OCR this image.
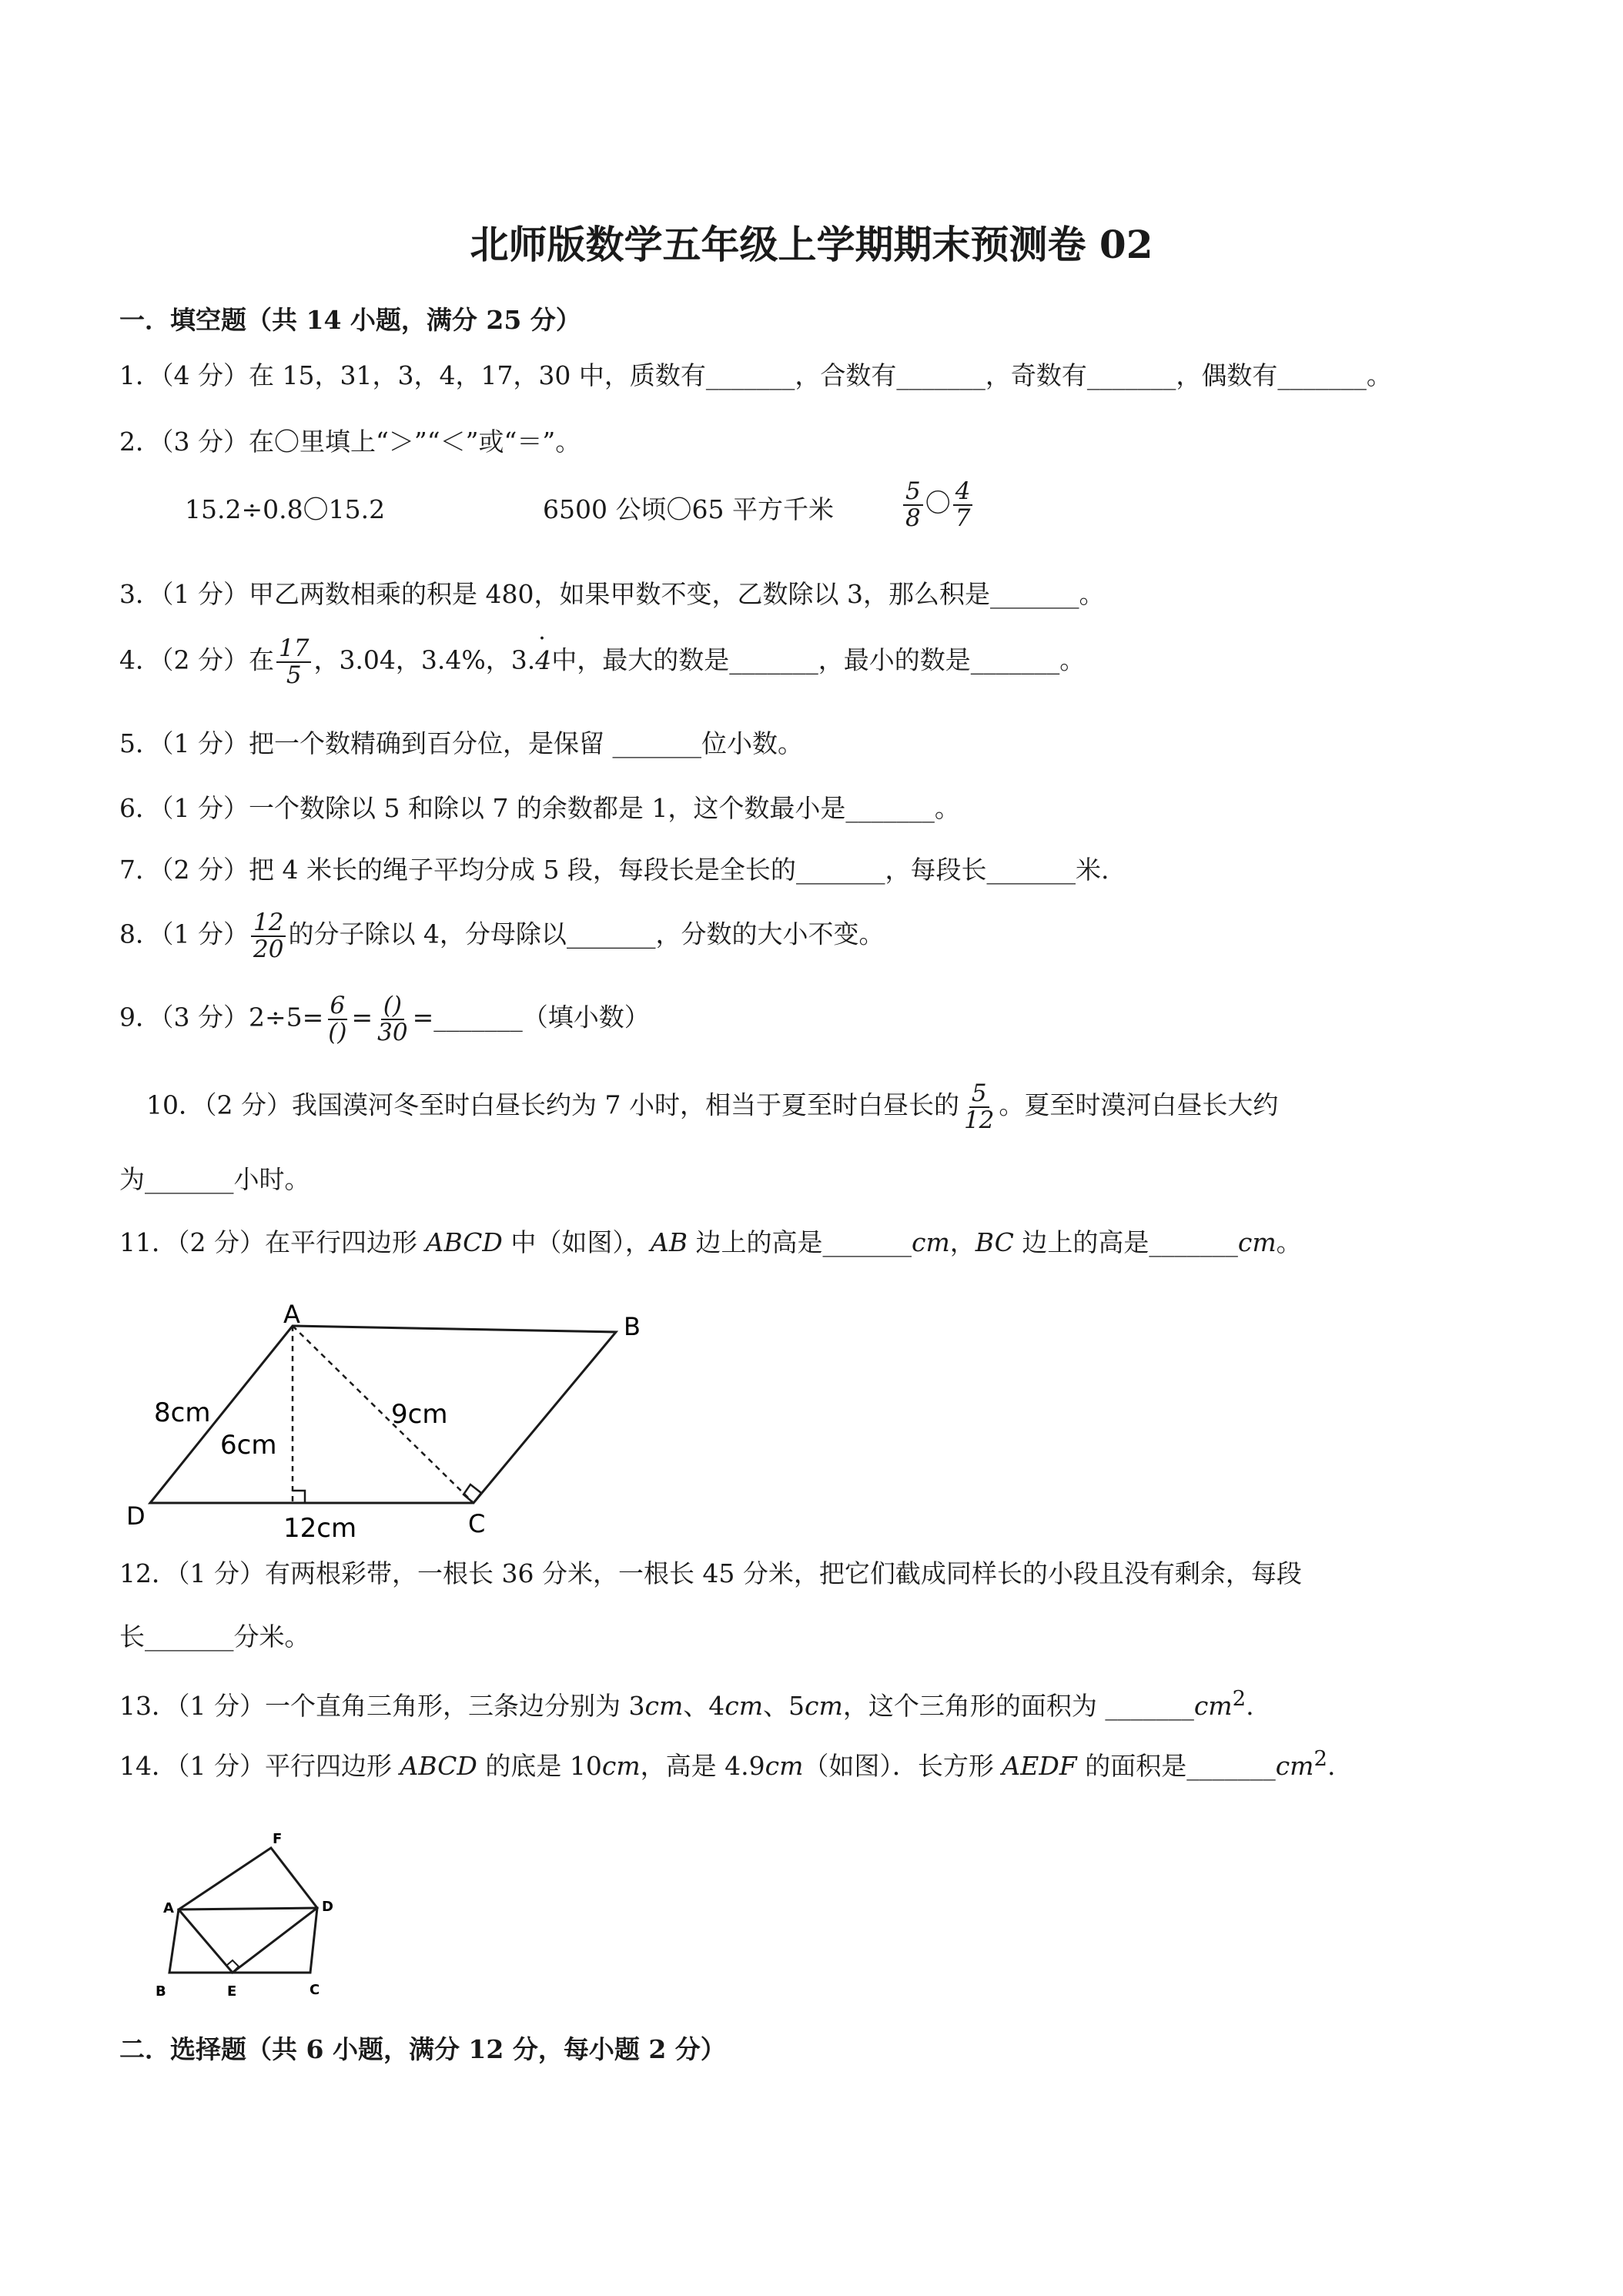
北师版数学五年级上学期期末预测卷 02
一．填空题（共 14 小题，满分 25 分）
1．（4 分）在 15，31，3，4，17，30 中，质数有_______，合数有_______，奇数有_______，偶数有_______。
2．（3 分）在〇里填上“＞”“＜”或“＝”。
15.2÷0.8〇15.2	6500 公顷〇65 平方千米	$\frac{5}{8}$ 〇 $\frac{4}{7}$
3．（1 分）甲乙两数相乘的积是 480，如果甲数不变，乙数除以 3，那么积是_______。
4．（2 分）在 $\frac{17}{5}$ ，3.04，3.4%，3.· 4中，最大的数是_______，最小的数是_______。
5．（1 分）把一个数精确到百分位，是保留 _______位小数。
6．（1 分）一个数除以 5 和除以 7 的余数都是 1，这个数最小是_______。
7．（2 分）把 4 米长的绳子平均分成 5 段，每段长是全长的_______，每段长_______米.
8．（1 分） $\frac{12}{20}$ 的分子除以 4，分母除以_______，分数的大小不变。
9．（3 分）$2\div 5= \frac{6}{()} = \frac{()}{30}$ =_______（填小数）
10．（2 分）我国漠河冬至时白昼长约为 7 小时，相当于夏至时白昼长的 $\frac{5}{12}$ 。夏至时漠河白昼长大约
为_______小时。
11．（2 分）在平行四边形 ABCD 中（如图），AB 边上的高是_______cm，BC 边上的高是_______cm。
A	B
C
D
8cm
6cm
9cm
12cm
12．（1 分）有两根彩带，一根长 36 分米，一根长 45 分米，把它们截成同样长的小段且没有剩余，每段
长_______分米。
13．（1 分）一个直角三角形，三条边分别为 3cm、4cm、5cm，这个三角形的面积为 $\_\_\_\_\_\_\_cm^2$.
14．（1 分）平行四边形 ABCD 的底是 10cm，高是 4.9cm（如图）．长方形 AEDF 的面积是$\_\_\_\_\_\_\_cm^2$.
A
B	C
D
E
F
二．选择题（共 6 小题，满分 12 分，每小题 2 分）
